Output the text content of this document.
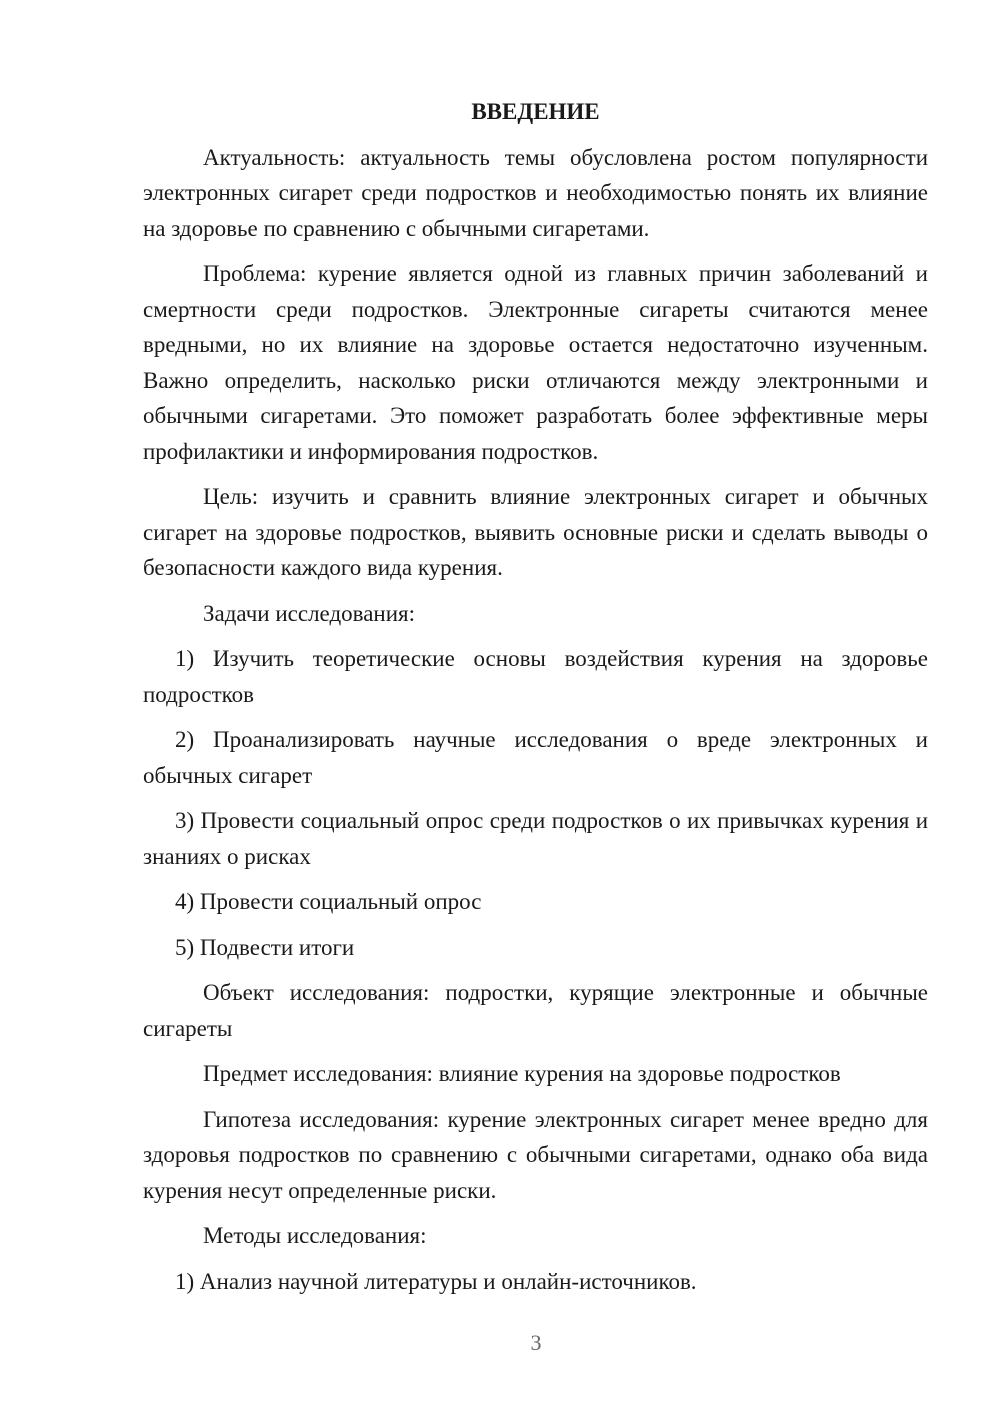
ВВЕДЕНИЕ
Актуальность: актуальность темы обусловлена ростом популярности электронных сигарет среди подростков и необходимостью понять их влияние на здоровье по сравнению с обычными сигаретами.
Проблема: курение является одной из главных причин заболеваний и смертности среди подростков. Электронные сигареты считаются менее вредными, но их влияние на здоровье остается недостаточно изученным. Важно определить, насколько риски отличаются между электронными и обычными сигаретами. Это поможет разработать более эффективные меры профилактики и информирования подростков.
Цель: изучить и сравнить влияние электронных сигарет и обычных сигарет на здоровье подростков, выявить основные риски и сделать выводы о безопасности каждого вида курения.
Задачи исследования:
1) Изучить теоретические основы воздействия курения на здоровье подростков
2) Проанализировать научные исследования о вреде электронных и обычных сигарет
3) Провести социальный опрос среди подростков о их привычках курения и знаниях о рисках
4) Провести социальный опрос
5) Подвести итоги
Объект исследования: подростки, курящие электронные и обычные сигареты
Предмет исследования: влияние курения на здоровье подростков
Гипотеза исследования: курение электронных сигарет менее вредно для здоровья подростков по сравнению с обычными сигаретами, однако оба вида курения несут определенные риски.
Методы исследования:
1) Анализ научной литературы и онлайн-источников.
3
